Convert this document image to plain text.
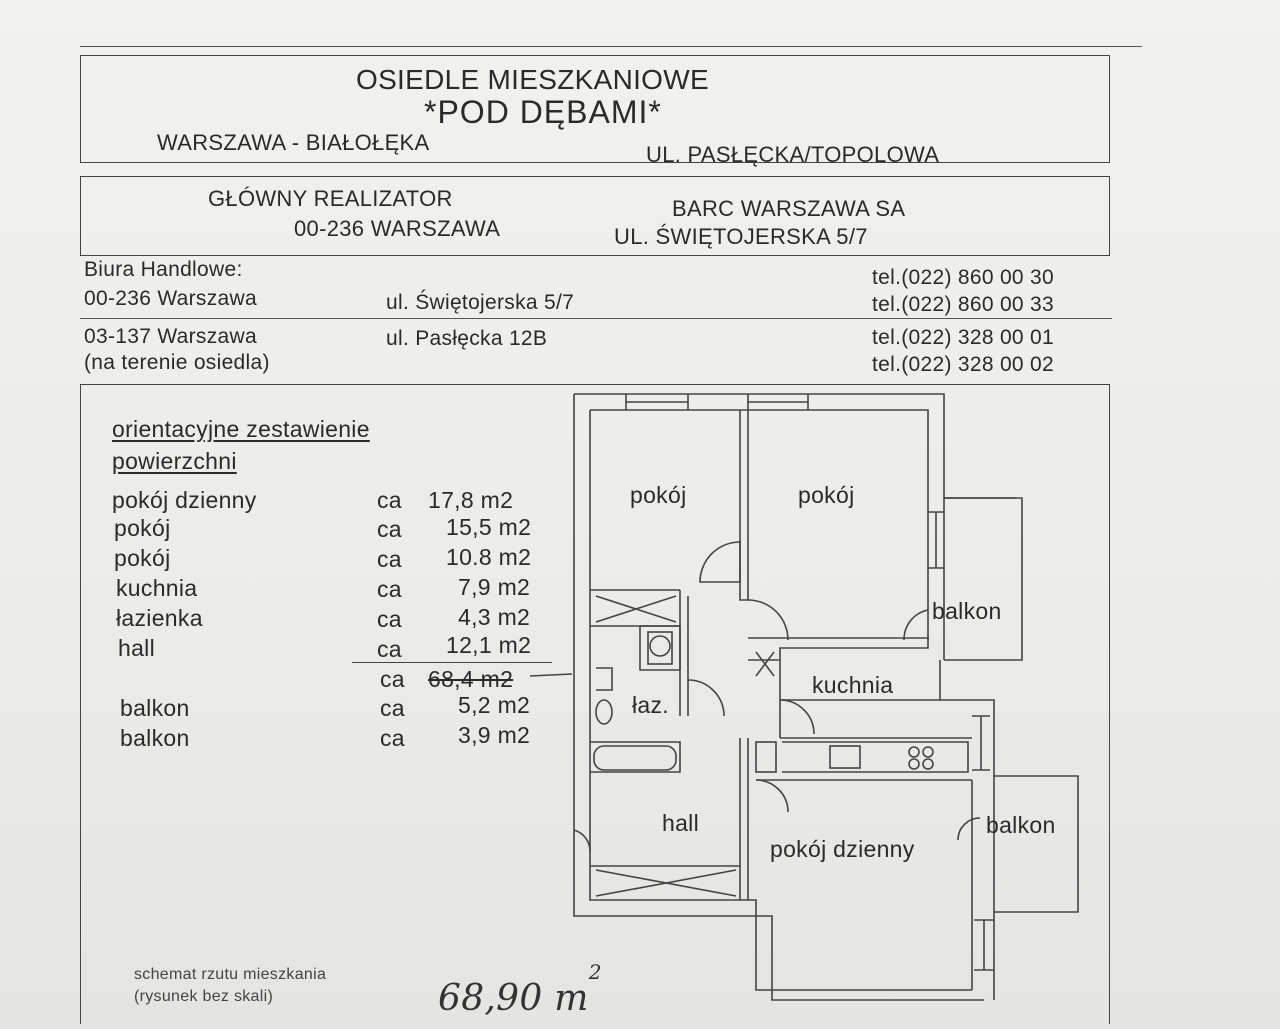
OSIEDLE MIESZKANIOWE
*POD DĘBAMI*
WARSZAWA - BIAŁOŁĘKA	UL. PASŁĘCKA/TOPOLOWA
GŁÓWNY REALIZATOR	BARC WARSZAWA SA
00-236 WARSZAWA	UL. ŚWIĘTOJERSKA 5/7
Biura Handlowe:
00-236 Warszawa	ul. Świętojerska 5/7
tel.(022) 860 00 30
tel.(022) 860 00 33
03-137 Warszawa	ul. Pasłęcka 12B
(na terenie osiedla)
tel.(022) 328 00 01
tel.(022) 328 00 02
orientacyjne zestawienie
powierzchni
pokój dzienny	ca 17,8 m2
pokój	ca 15,5 m2
pokój	ca 10.8 m2
kuchnia	ca 7,9 m2
łazienka	ca 4,3 m2
hall	ca 12,1 m2
ca 68,4 m2
balkon	ca 5,2 m2
balkon	ca 3,9 m2
pokój	pokój
balkon
kuchnia
łaz.
hall
pokój dzienny
balkon
schemat rzutu mieszkania
(rysunek bez skali)	68,90 $m^2$
